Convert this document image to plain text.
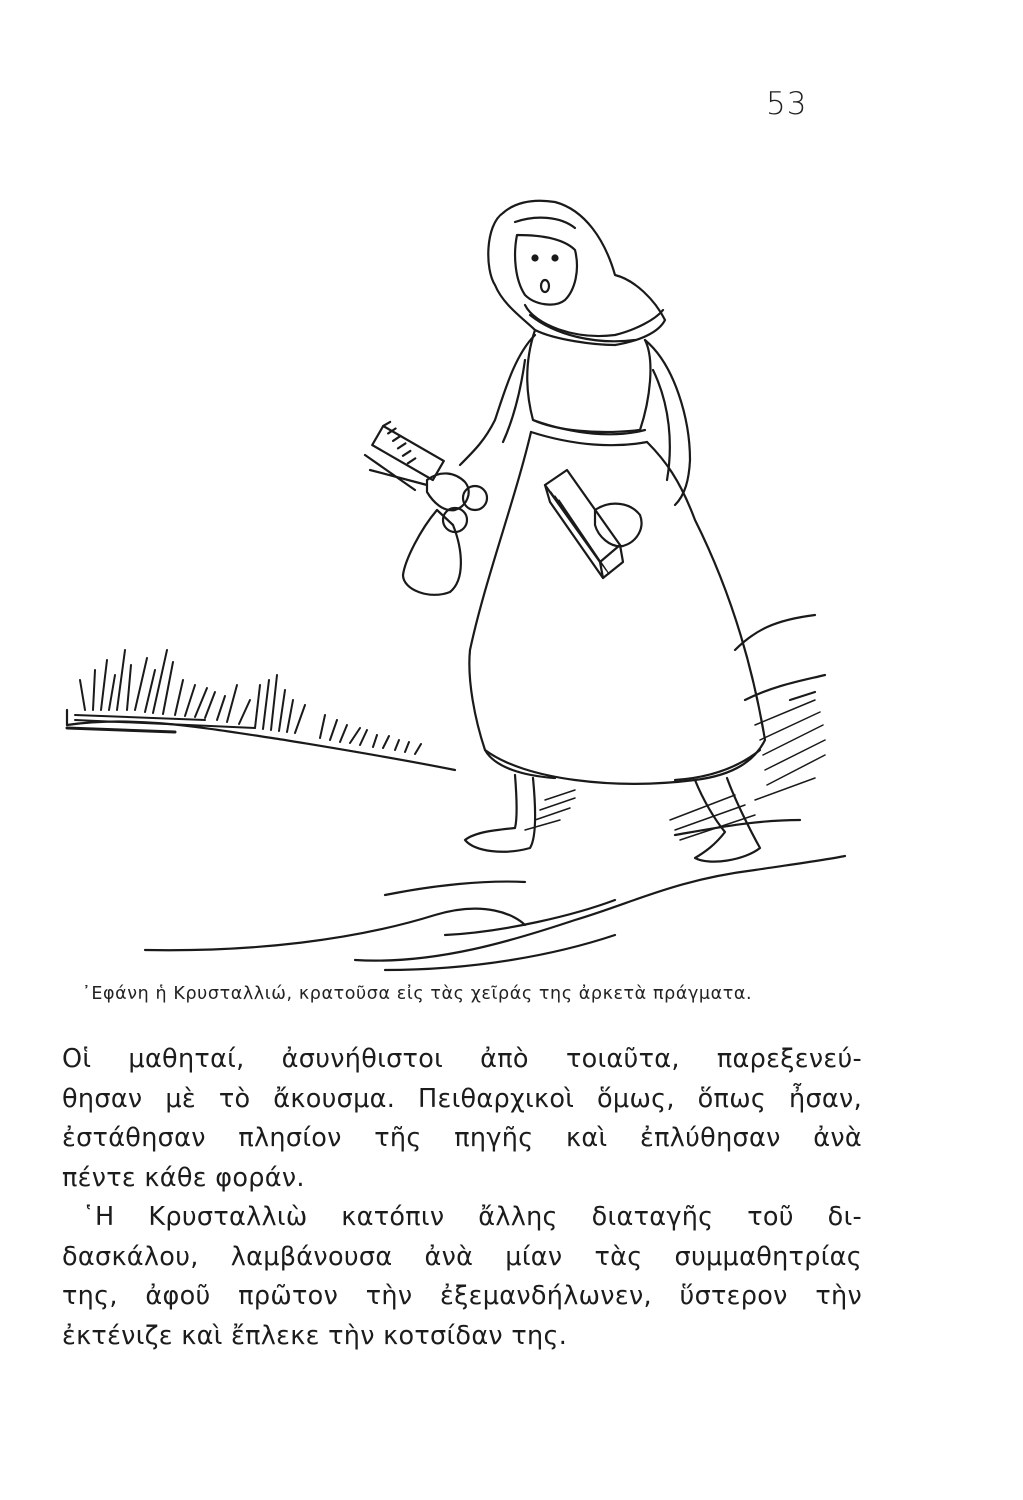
53
᾿Εφάνη ἡ Κρυσταλλιώ, κρατοῦσα εἰς τὰς χεῖράς της ἀρκετὰ πράγματα.

Οἱ μαθηταί, ἀσυνήθιστοι ἀπὸ τοιαῦτα, παρεξενεύ-
θησαν μὲ τὸ ἄκουσμα. Πειθαρχικοὶ ὅμως, ὅπως ἦσαν,
ἐστάθησαν πλησίον τῆς πηγῆς καὶ ἐπλύθησαν ἀνὰ
πέντε κάθε φοράν.

῾Η Κρυσταλλιὼ κατόπιν ἄλλης διαταγῆς τοῦ δι-
δασκάλου, λαμβάνουσα ἀνὰ μίαν τὰς συμμαθητρίας
της, ἀφοῦ πρῶτον τὴν ἐξεμανδήλωνεν, ὕστερον τὴν
ἐκτένιζε καὶ ἔπλεκε τὴν κοτσίδαν της.
